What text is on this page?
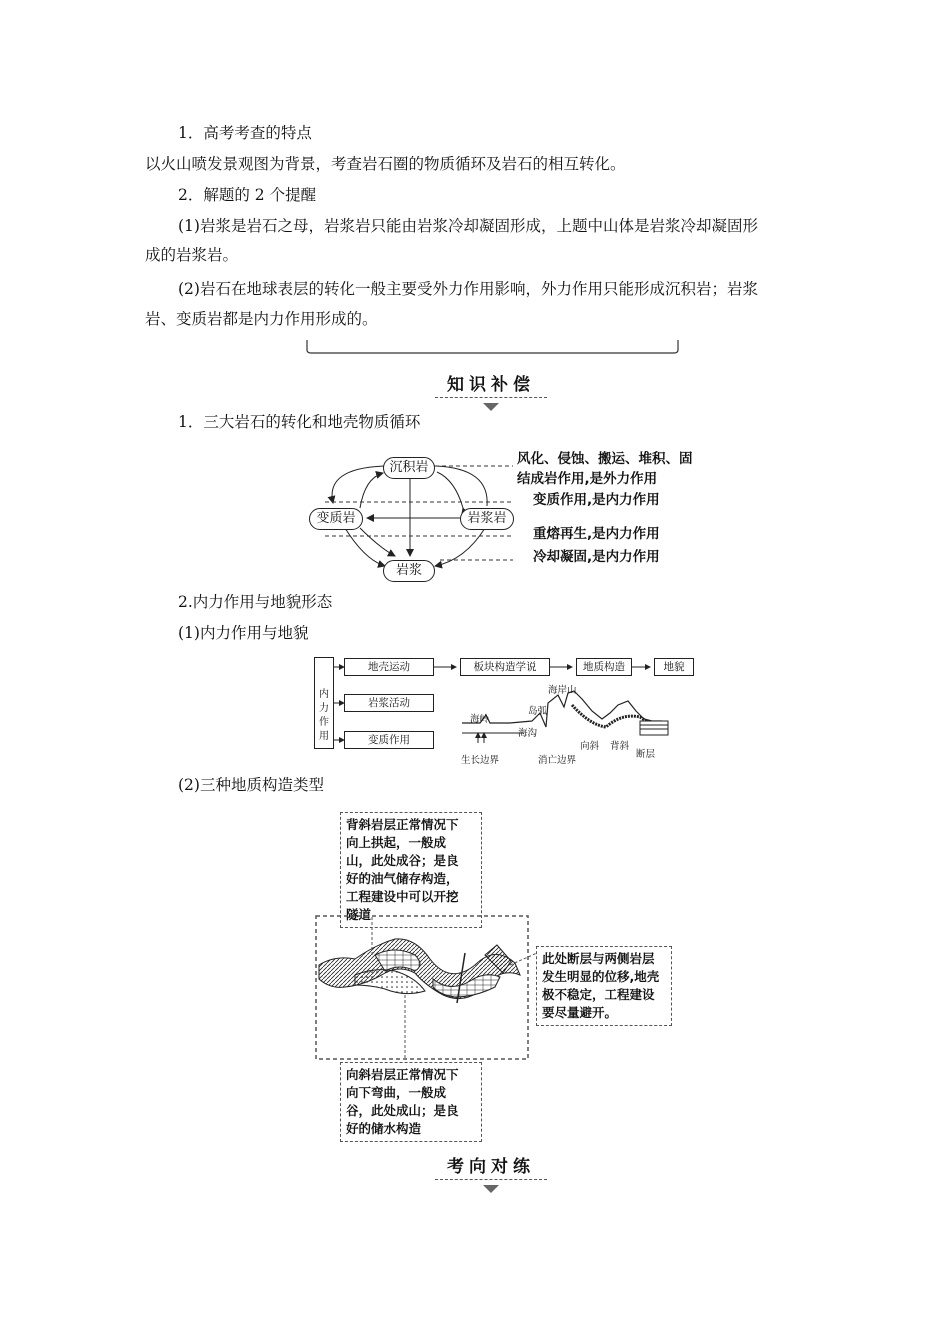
1．高考考查的特点
以火山喷发景观图为背景，考查岩石圈的物质循环及岩石的相互转化。
2．解题的 2 个提醒
(1)岩浆是岩石之母，岩浆岩只能由岩浆冷却凝固形成，上题中山体是岩浆冷却凝固形
成的岩浆岩。
(2)岩石在地球表层的转化一般主要受外力作用影响，外力作用只能形成沉积岩；岩浆
岩、变质岩都是内力作用形成的。
知识补偿
1．三大岩石的转化和地壳物质循环
沉积岩
变质岩	岩浆岩
岩浆
风化、侵蚀、搬运、堆积、固
结成岩作用,是外力作用
变质作用,是内力作用
重熔再生,是内力作用
冷却凝固,是内力作用
2.内力作用与地貌形态
(1)内力作用与地貌
内力作用
地壳运动	板块构造学说	地质构造	地貌
岩浆活动
变质作用
海岭
岛弧
海岸山
海沟
生长边界	消亡边界
向斜 背斜
断层
(2)三种地质构造类型
背斜岩层正常情况下
向上拱起，一般成
山，此处成谷；是良
好的油气储存构造，
工程建设中可以开挖
隧道
此处断层与两侧岩层
发生明显的位移,地壳
极不稳定，工程建设
要尽量避开。
向斜岩层正常情况下
向下弯曲，一般成
谷，此处成山；是良
好的储水构造
考向对练
